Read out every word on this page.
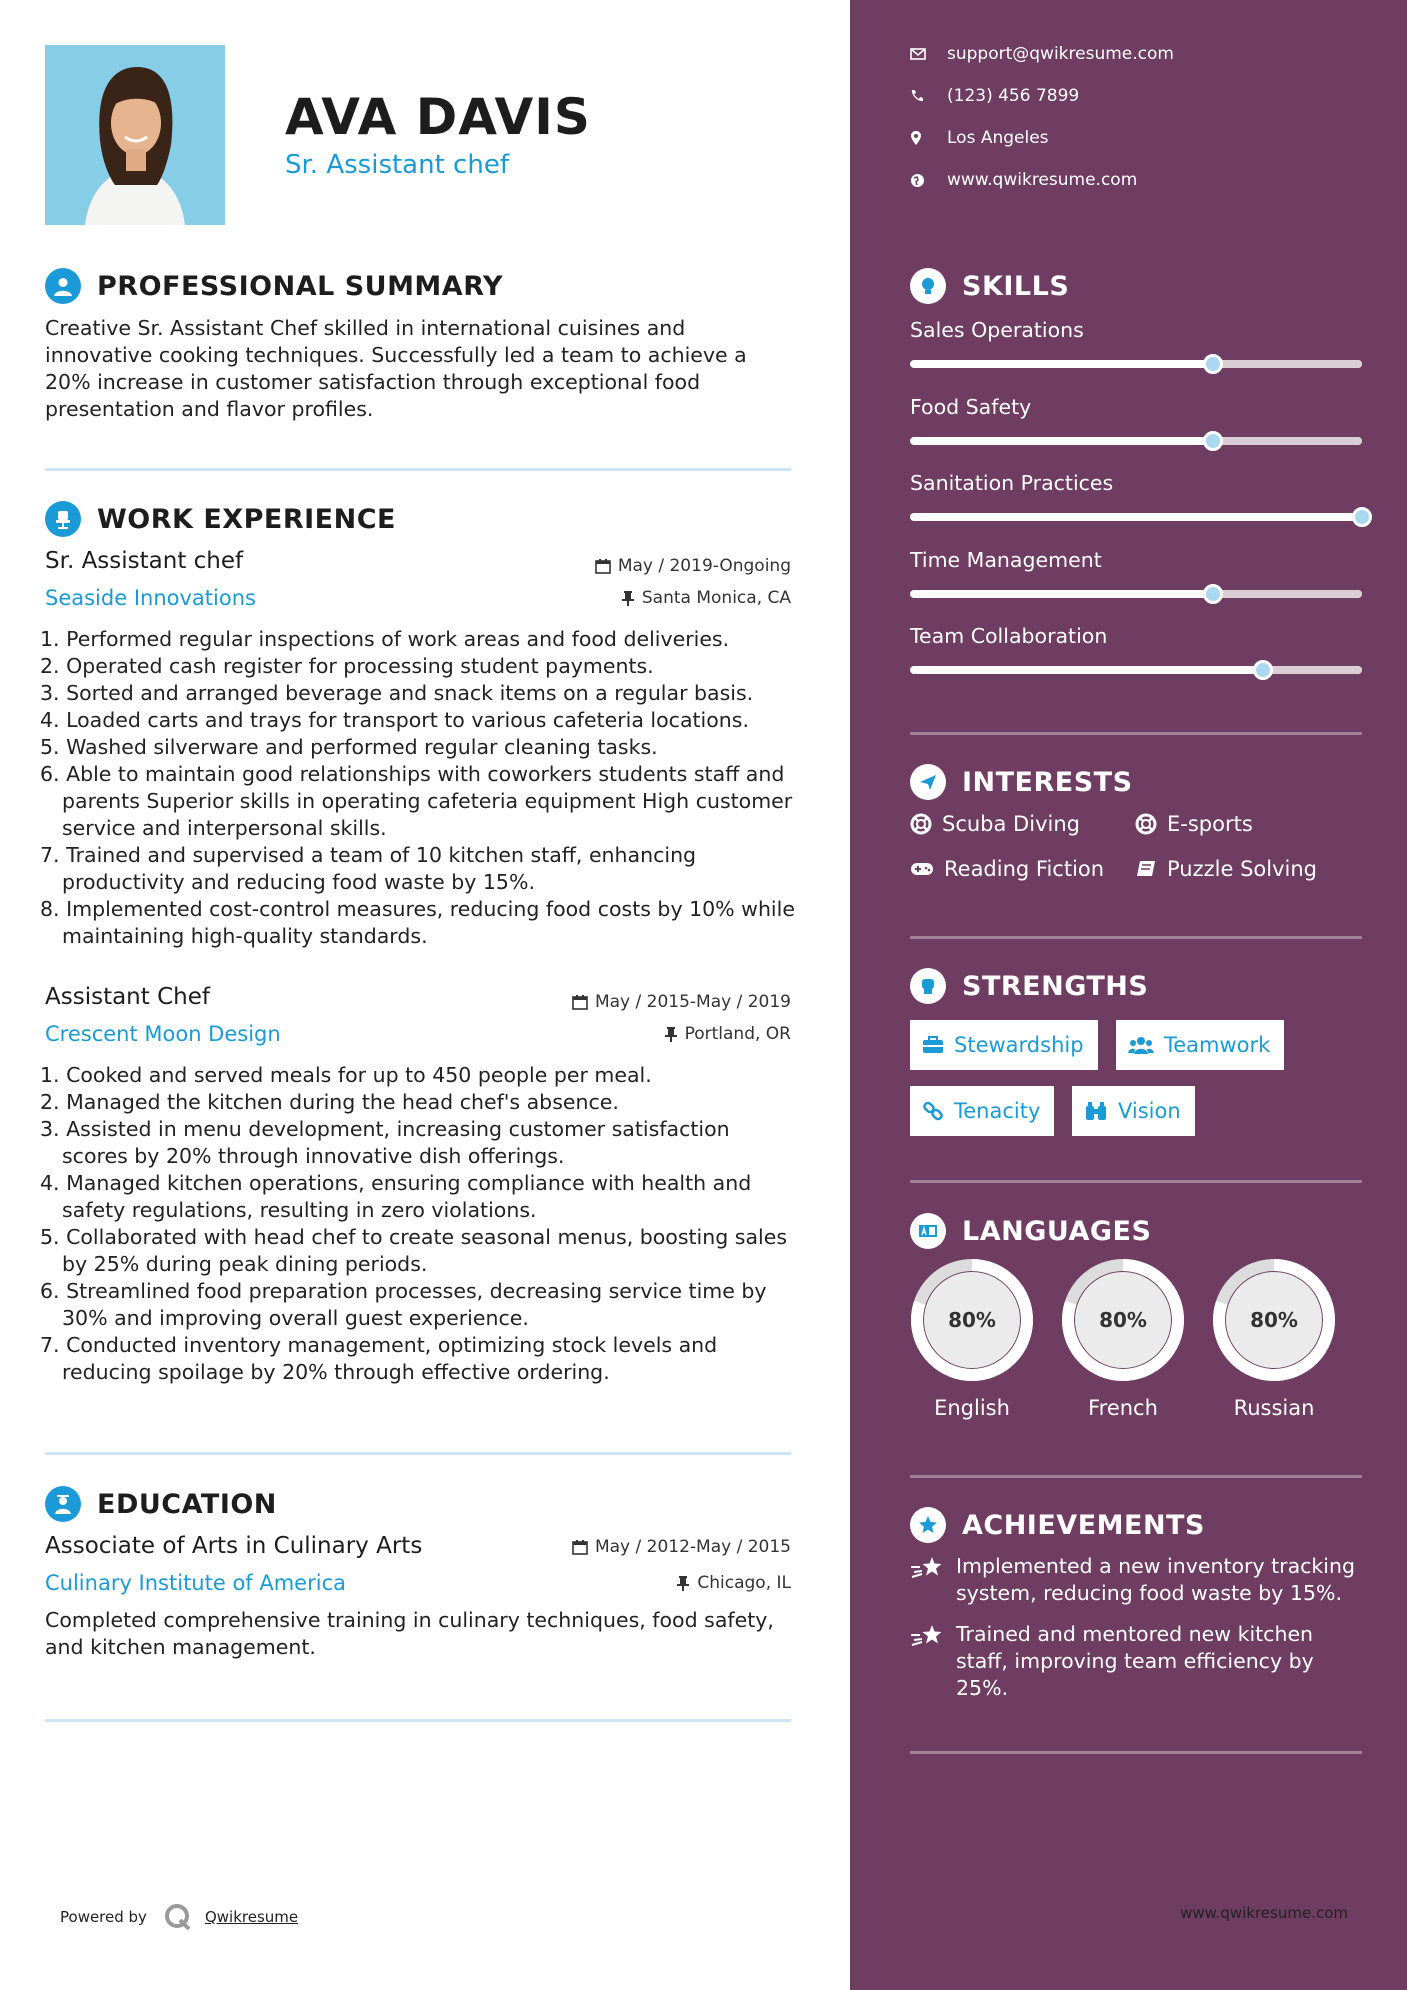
AVA DAVIS
Sr. Assistant chef
PROFESSIONAL SUMMARY
Creative Sr. Assistant Chef skilled in international cuisines and
innovative cooking techniques. Successfully led a team to achieve a
20% increase in customer satisfaction through exceptional food
presentation and flavor profiles.
WORK EXPERIENCE
Sr. Assistant chef
Seaside Innovations
May / 2019-Ongoing
Santa Monica, CA
1. Performed regular inspections of work areas and food deliveries.
2. Operated cash register for processing student payments.
3. Sorted and arranged beverage and snack items on a regular basis.
4. Loaded carts and trays for transport to various cafeteria locations.
5. Washed silverware and performed regular cleaning tasks.
6. Able to maintain good relationships with coworkers students staff and parents Superior skills in operating cafeteria equipment High customer service and interpersonal skills.
7. Trained and supervised a team of 10 kitchen staff, enhancing productivity and reducing food waste by 15%.
8. Implemented cost-control measures, reducing food costs by 10% while maintaining high-quality standards.
Assistant Chef
Crescent Moon Design
May / 2015-May / 2019
Portland, OR
1. Cooked and served meals for up to 450 people per meal.
2. Managed the kitchen during the head chef's absence.
3. Assisted in menu development, increasing customer satisfaction scores by 20% through innovative dish offerings.
4. Managed kitchen operations, ensuring compliance with health and safety regulations, resulting in zero violations.
5. Collaborated with head chef to create seasonal menus, boosting sales by 25% during peak dining periods.
6. Streamlined food preparation processes, decreasing service time by 30% and improving overall guest experience.
7. Conducted inventory management, optimizing stock levels and reducing spoilage by 20% through effective ordering.
EDUCATION
Associate of Arts in Culinary Arts
Culinary Institute of America
May / 2012-May / 2015
Chicago, IL
Completed comprehensive training in culinary techniques, food safety,
and kitchen management.
Powered by	Qwikresume
support@qwikresume.com
(123) 456 7899
Los Angeles
www.qwikresume.com
SKILLS
Sales Operations
Food Safety
Sanitation Practices
Time Management
Team Collaboration
INTERESTS
Scuba Diving	E-sports
Reading Fiction	Puzzle Solving
STRENGTHS
Stewardship	Teamwork
Tenacity	Vision
LANGUAGES
80%
English
80%
French
80%
Russian
ACHIEVEMENTS
Implemented a new inventory tracking system, reducing food waste by 15%.
Trained and mentored new kitchen staff, improving team efficiency by 25%.
www.qwikresume.com
